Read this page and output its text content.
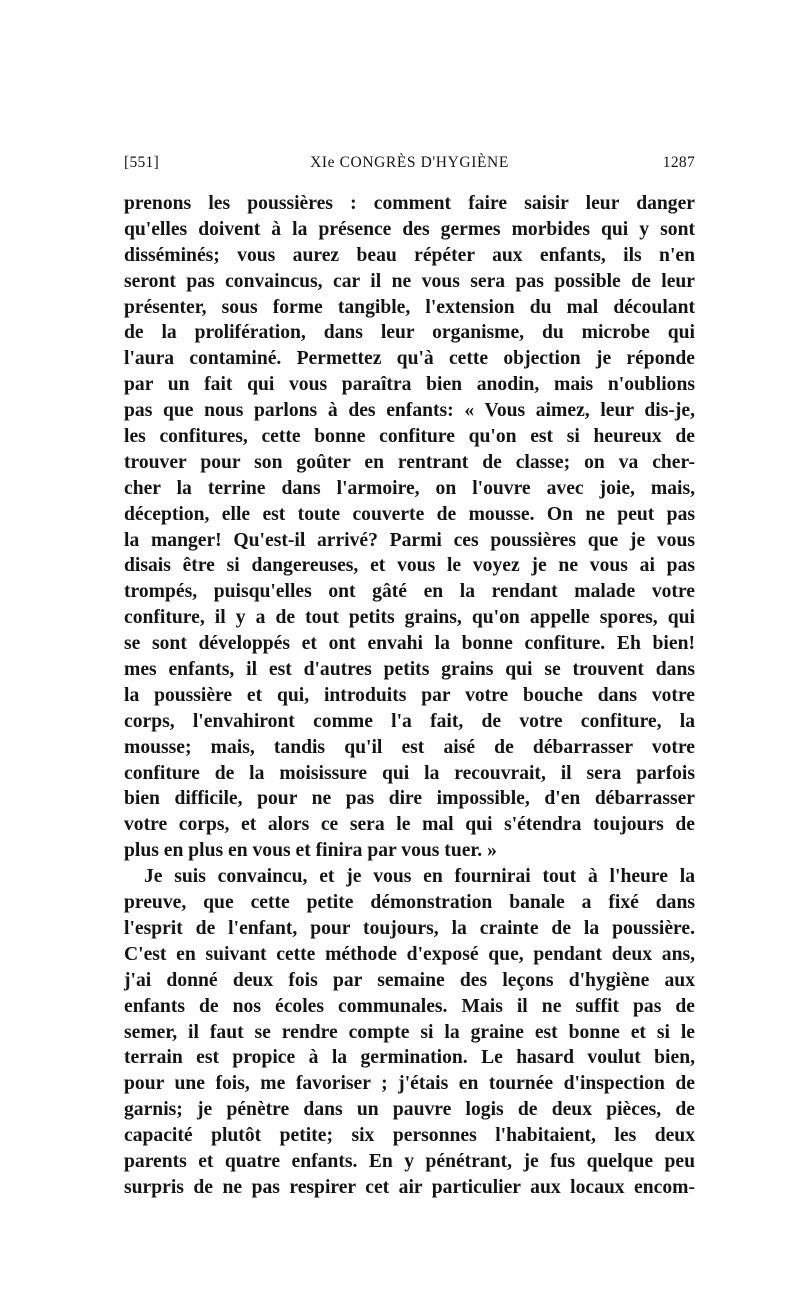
[551]	XIe CONGRÈS D'HYGIÈNE	1287
prenons les poussières : comment faire saisir leur danger
qu'elles doivent à la présence des germes morbides qui y sont
disséminés; vous aurez beau répéter aux enfants, ils n'en
seront pas convaincus, car il ne vous sera pas possible de leur
présenter, sous forme tangible, l'extension du mal découlant
de la prolifération, dans leur organisme, du microbe qui
l'aura contaminé. Permettez qu'à cette objection je réponde
par un fait qui vous paraîtra bien anodin, mais n'oublions
pas que nous parlons à des enfants: « Vous aimez, leur dis-je,
les confitures, cette bonne confiture qu'on est si heureux de
trouver pour son goûter en rentrant de classe; on va cher-
cher la terrine dans l'armoire, on l'ouvre avec joie, mais,
déception, elle est toute couverte de mousse. On ne peut pas
la manger! Qu'est-il arrivé? Parmi ces poussières que je vous
disais être si dangereuses, et vous le voyez je ne vous ai pas
trompés, puisqu'elles ont gâté en la rendant malade votre
confiture, il y a de tout petits grains, qu'on appelle spores, qui
se sont développés et ont envahi la bonne confiture. Eh bien!
mes enfants, il est d'autres petits grains qui se trouvent dans
la poussière et qui, introduits par votre bouche dans votre
corps, l'envahiront comme l'a fait, de votre confiture, la
mousse; mais, tandis qu'il est aisé de débarrasser votre
confiture de la moisissure qui la recouvrait, il sera parfois
bien difficile, pour ne pas dire impossible, d'en débarrasser
votre corps, et alors ce sera le mal qui s'étendra toujours de
plus en plus en vous et finira par vous tuer. »
Je suis convaincu, et je vous en fournirai tout à l'heure la
preuve, que cette petite démonstration banale a fixé dans
l'esprit de l'enfant, pour toujours, la crainte de la poussière.
C'est en suivant cette méthode d'exposé que, pendant deux ans,
j'ai donné deux fois par semaine des leçons d'hygiène aux
enfants de nos écoles communales. Mais il ne suffit pas de
semer, il faut se rendre compte si la graine est bonne et si le
terrain est propice à la germination. Le hasard voulut bien,
pour une fois, me favoriser ; j'étais en tournée d'inspection de
garnis; je pénètre dans un pauvre logis de deux pièces, de
capacité plutôt petite; six personnes l'habitaient, les deux
parents et quatre enfants. En y pénétrant, je fus quelque peu
surpris de ne pas respirer cet air particulier aux locaux encom-
